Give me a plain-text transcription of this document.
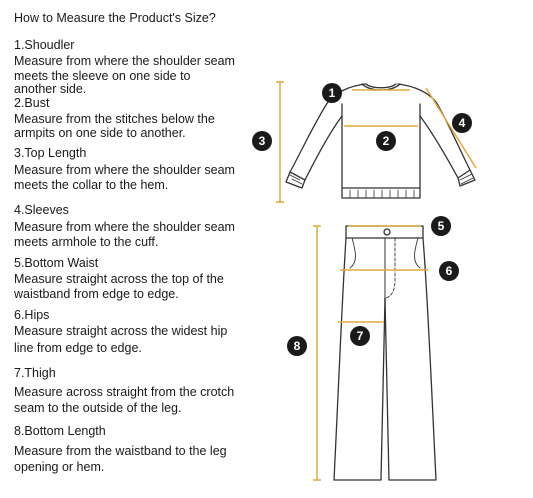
How to Measure the Product's Size?
1.Shoudler
Measure from where the shoulder seam
meets the sleeve on one side to
another side.
2.Bust
Measure from the stitches below the
armpits on one side to another.
3.Top Length
Measure from where the shoulder seam
meets the collar to the hem.
4.Sleeves
Measure from where the shoulder seam
meets armhole to the cuff.
5.Bottom Waist
Measure straight across the top of the
waistband from edge to edge.
6.Hips
Measure straight across the widest hip
line from edge to edge.
7.Thigh
Measure across straight from the crotch
seam to the outside of the leg.
8.Bottom Length
Measure from the waistband to the leg
opening or hem.
1
2
3
4
5
6
7
8
